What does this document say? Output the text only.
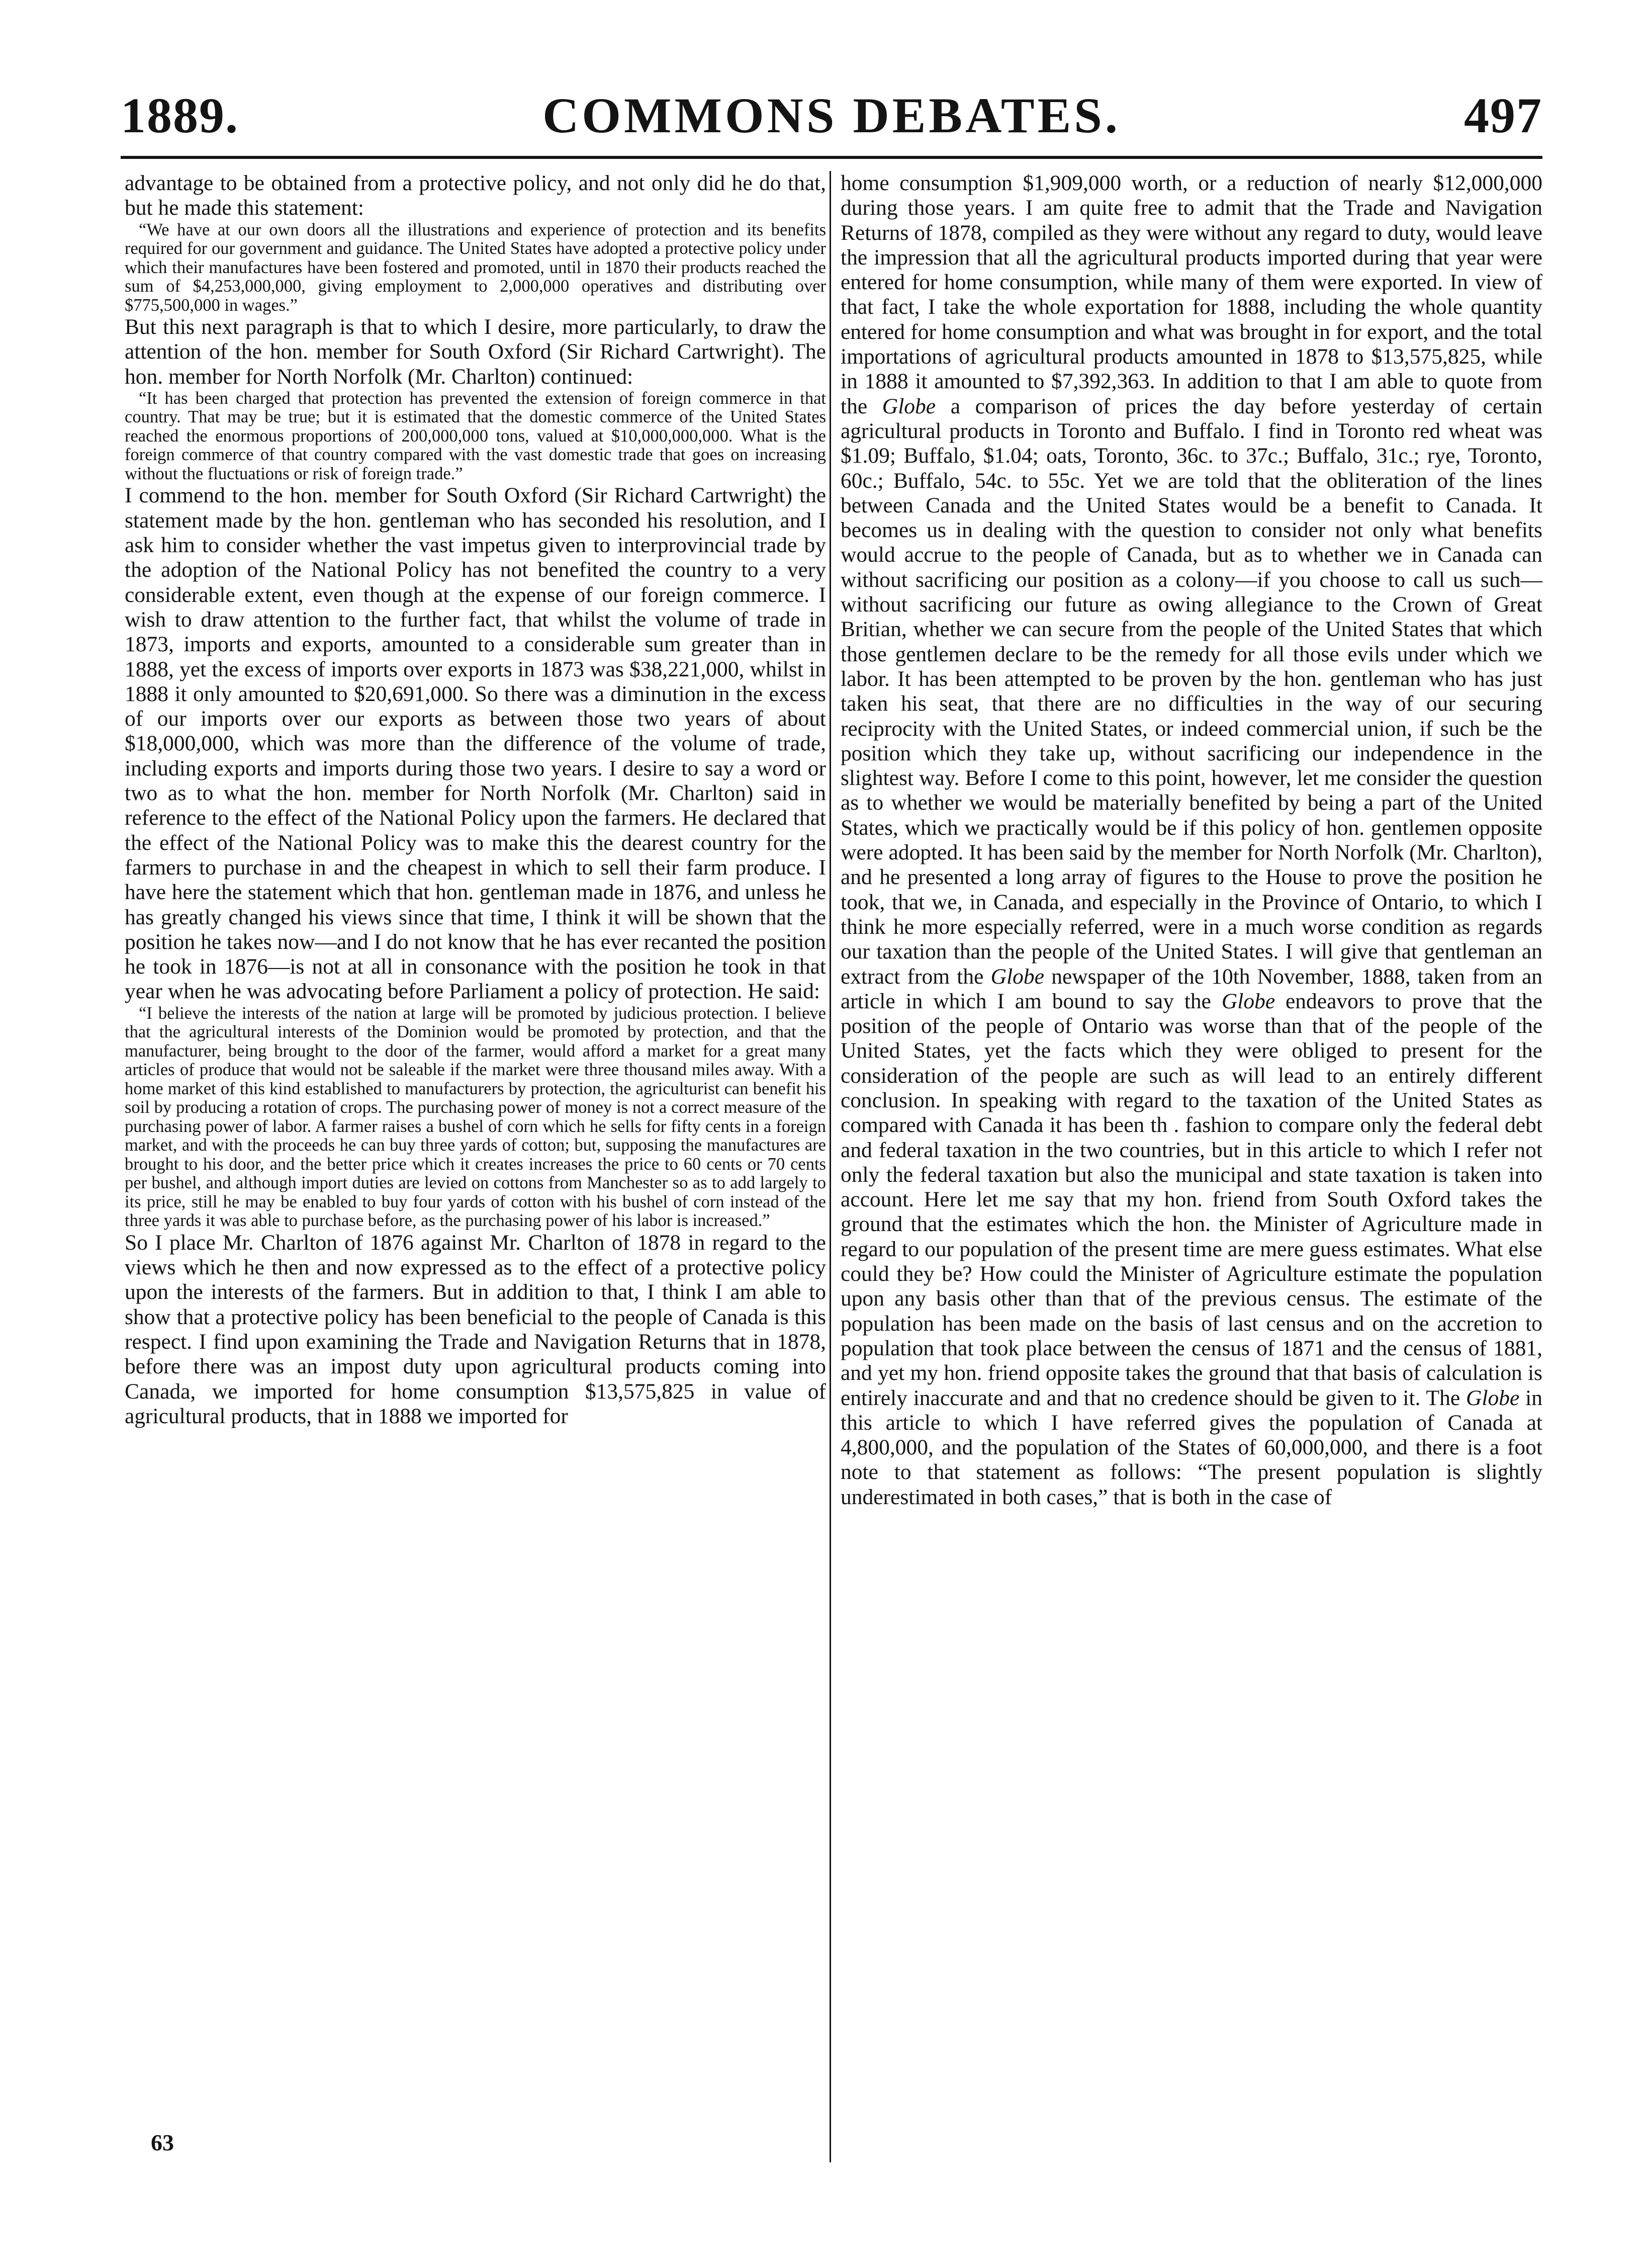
1889.	COMMONS DEBATES.	497

advantage to be obtained from a protective policy, and not only did he do that, but he made this statement:

“We have at our own doors all the illustrations and experience of protection and its benefits required for our government and guidance. The United States have adopted a protective policy under which their manufactures have been fostered and promoted, until in 1870 their products reached the sum of $4,253,000,000, giving employment to 2,000,000 operatives and distributing over $775,500,000 in wages.”

But this next paragraph is that to which I desire, more particularly, to draw the attention of the hon. member for South Oxford (Sir Richard Cartwright). The hon. member for North Norfolk (Mr. Charlton) continued:

“It has been charged that protection has prevented the extension of foreign commerce in that country. That may be true; but it is estimated that the domestic commerce of the United States reached the enormous proportions of 200,000,000 tons, valued at $10,000,000,000. What is the foreign commerce of that country compared with the vast domestic trade that goes on increasing without the fluctuations or risk of foreign trade.”

I commend to the hon. member for South Oxford (Sir Richard Cartwright) the statement made by the hon. gentleman who has seconded his resolution, and I ask him to consider whether the vast impetus given to interprovincial trade by the adoption of the National Policy has not benefited the country to a very considerable extent, even though at the expense of our foreign commerce. I wish to draw attention to the further fact, that whilst the volume of trade in 1873, imports and exports, amounted to a considerable sum greater than in 1888, yet the excess of imports over exports in 1873 was $38,221,000, whilst in 1888 it only amounted to $20,691,000. So there was a diminution in the excess of our imports over our exports as between those two years of about $18,000,000, which was more than the difference of the volume of trade, including exports and imports during those two years. I desire to say a word or two as to what the hon. member for North Norfolk (Mr. Charlton) said in reference to the effect of the National Policy upon the farmers. He declared that the effect of the National Policy was to make this the dearest country for the farmers to purchase in and the cheapest in which to sell their farm produce. I have here the statement which that hon. gentleman made in 1876, and unless he has greatly changed his views since that time, I think it will be shown that the position he takes now—and I do not know that he has ever recanted the position he took in 1876—is not at all in consonance with the position he took in that year when he was advocating before Parliament a policy of protection. He said:

“I believe the interests of the nation at large will be promoted by judicious protection. I believe that the agricultural interests of the Dominion would be promoted by protection, and that the manufacturer, being brought to the door of the farmer, would afford a market for a great many articles of produce that would not be saleable if the market were three thousand miles away. With a home market of this kind established to manufacturers by protection, the agriculturist can benefit his soil by producing a rotation of crops. The purchasing power of money is not a correct measure of the purchasing power of labor. A farmer raises a bushel of corn which he sells for fifty cents in a foreign market, and with the proceeds he can buy three yards of cotton; but, supposing the manufactures are brought to his door, and the better price which it creates increases the price to 60 cents or 70 cents per bushel, and although import duties are levied on cottons from Manchester so as to add largely to its price, still he may be enabled to buy four yards of cotton with his bushel of corn instead of the three yards it was able to purchase before, as the purchasing power of his labor is increased.”

So I place Mr. Charlton of 1876 against Mr. Charlton of 1878 in regard to the views which he then and now expressed as to the effect of a protective policy upon the interests of the farmers. But in addition to that, I think I am able to show that a protective policy has been beneficial to the people of Canada is this respect. I find upon examining the Trade and Navigation Returns that in 1878, before there was an impost duty upon agricultural products coming into Canada, we imported for home consumption $13,575,825 in value of agricultural products, that in 1888 we imported for

home consumption $1,909,000 worth, or a reduction of nearly $12,000,000 during those years. I am quite free to admit that the Trade and Navigation Returns of 1878, compiled as they were without any regard to duty, would leave the impression that all the agricultural products imported during that year were entered for home consumption, while many of them were exported. In view of that fact, I take the whole exportation for 1888, including the whole quantity entered for home consumption and what was brought in for export, and the total importations of agricultural products amounted in 1878 to $13,575,825, while in 1888 it amounted to $7,392,363. In addition to that I am able to quote from the Globe a comparison of prices the day before yesterday of certain agricultural products in Toronto and Buffalo. I find in Toronto red wheat was $1.09; Buffalo, $1.04; oats, Toronto, 36c. to 37c.; Buffalo, 31c.; rye, Toronto, 60c.; Buffalo, 54c. to 55c. Yet we are told that the obliteration of the lines between Canada and the United States would be a benefit to Canada. It becomes us in dealing with the question to consider not only what benefits would accrue to the people of Canada, but as to whether we in Canada can without sacrificing our position as a colony—if you choose to call us such—without sacrificing our future as owing allegiance to the Crown of Great Britian, whether we can secure from the people of the United States that which those gentlemen declare to be the remedy for all those evils under which we labor. It has been attempted to be proven by the hon. gentleman who has just taken his seat, that there are no difficulties in the way of our securing reciprocity with the United States, or indeed commercial union, if such be the position which they take up, without sacrificing our independence in the slightest way. Before I come to this point, however, let me consider the question as to whether we would be materially benefited by being a part of the United States, which we practically would be if this policy of hon. gentlemen opposite were adopted. It has been said by the member for North Norfolk (Mr. Charlton), and he presented a long array of figures to the House to prove the position he took, that we, in Canada, and especially in the Province of Ontario, to which I think he more especially referred, were in a much worse condition as regards our taxation than the people of the United States. I will give that gentleman an extract from the Globe newspaper of the 10th November, 1888, taken from an article in which I am bound to say the Globe endeavors to prove that the position of the people of Ontario was worse than that of the people of the United States, yet the facts which they were obliged to present for the consideration of the people are such as will lead to an entirely different conclusion. In speaking with regard to the taxation of the United States as compared with Canada it has been th . fashion to compare only the federal debt and federal taxation in the two countries, but in this article to which I refer not only the federal taxation but also the municipal and state taxation is taken into account. Here let me say that my hon. friend from South Oxford takes the ground that the estimates which the hon. the Minister of Agriculture made in regard to our population of the present time are mere guess estimates. What else could they be? How could the Minister of Agriculture estimate the population upon any basis other than that of the previous census. The estimate of the population has been made on the basis of last census and on the accretion to population that took place between the census of 1871 and the census of 1881, and yet my hon. friend opposite takes the ground that that basis of calculation is entirely inaccurate and and that no credence should be given to it. The Globe in this article to which I have referred gives the population of Canada at 4,800,000, and the population of the States of 60,000,000, and there is a foot note to that statement as follows: “The present population is slightly underestimated in both cases,” that is both in the case of

63
